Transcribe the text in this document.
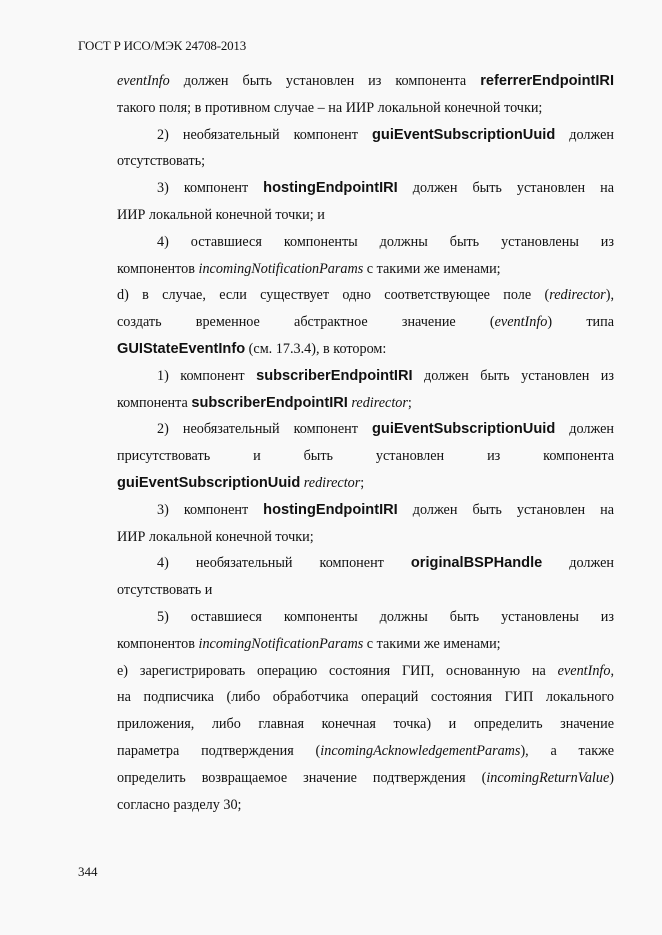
ГОСТ Р ИСО/МЭК 24708-2013
eventInfo должен быть установлен из компонента referrerEndpointIRI
такого поля; в противном случае – на ИИР локальной конечной точки;
2) необязательный компонент guiEventSubscriptionUuid должен
отсутствовать;
3) компонент hostingEndpointIRI должен быть установлен на
ИИР локальной конечной точки; и
4) оставшиеся компоненты должны быть установлены из
компонентов incomingNotificationParams с такими же именами;
d) в случае, если существует одно соответствующее поле (redirector),
создать временное абстрактное значение (eventInfo) типа
GUIStateEventInfo (см. 17.3.4), в котором:
1) компонент subscriberEndpointIRI должен быть установлен из
компонента subscriberEndpointIRI redirector;
2) необязательный компонент guiEventSubscriptionUuid должен
присутствовать и быть установлен из компонента
guiEventSubscriptionUuid redirector;
3) компонент hostingEndpointIRI должен быть установлен на
ИИР локальной конечной точки;
4) необязательный компонент originalBSPHandle должен
отсутствовать и
5) оставшиеся компоненты должны быть установлены из
компонентов incomingNotificationParams с такими же именами;
e) зарегистрировать операцию состояния ГИП, основанную на eventInfo,
на подписчика (либо обработчика операций состояния ГИП локального
приложения, либо главная конечная точка) и определить значение
параметра подтверждения (incomingAcknowledgementParams), а также
определить возвращаемое значение подтверждения (incomingReturnValue)
согласно разделу 30;
344
